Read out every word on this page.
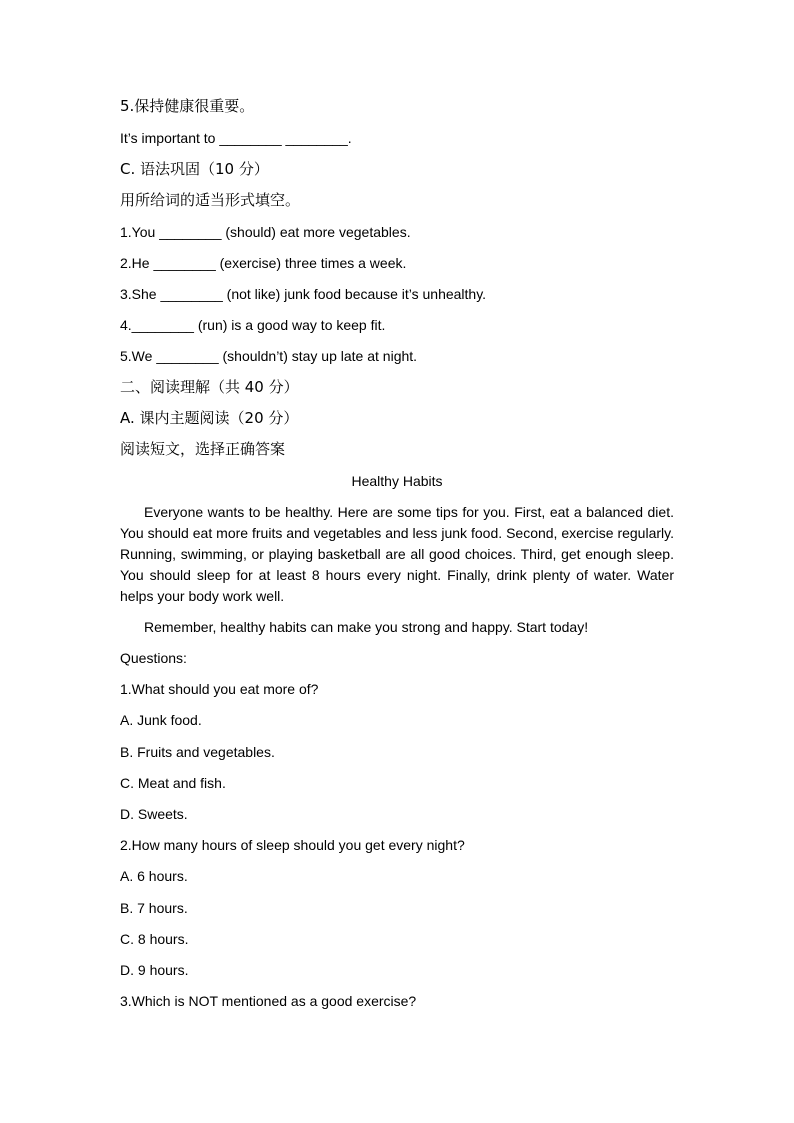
5.保持健康很重要。
It’s important to ________ ________.
C. 语法巩固（10 分）
用所给词的适当形式填空。
1.You ________ (should) eat more vegetables.
2.He ________ (exercise) three times a week.
3.She ________ (not like) junk food because it’s unhealthy.
4.________ (run) is a good way to keep fit.
5.We ________ (shouldn’t) stay up late at night.
二、阅读理解（共 40 分）
A. 课内主题阅读（20 分）
阅读短文，选择正确答案
Healthy Habits
Everyone wants to be healthy. Here are some tips for you. First, eat a balanced diet. You should eat more fruits and vegetables and less junk food. Second, exercise regularly. Running, swimming, or playing basketball are all good choices. Third, get enough sleep. You should sleep for at least 8 hours every night. Finally, drink plenty of water. Water helps your body work well.
Remember, healthy habits can make you strong and happy. Start today!
Questions:
1.What should you eat more of?
A. Junk food.
B. Fruits and vegetables.
C. Meat and fish.
D. Sweets.
2.How many hours of sleep should you get every night?
A. 6 hours.
B. 7 hours.
C. 8 hours.
D. 9 hours.
3.Which is NOT mentioned as a good exercise?
